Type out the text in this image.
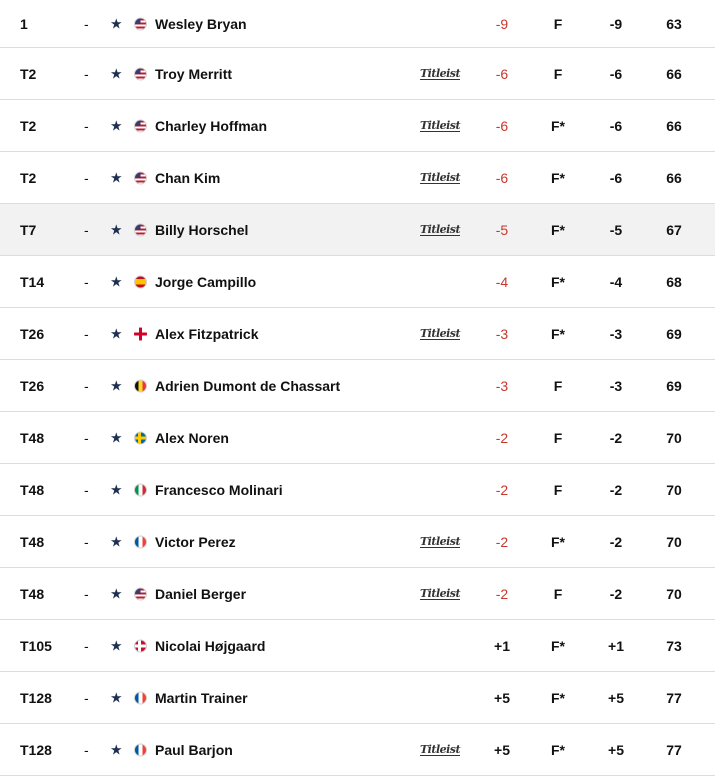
1	- ★ Wesley Bryan	-9	F	-9	63
T2	- ★ Troy Merritt	Titleist	-6	F	-6	66
T2	- ★ Charley Hoffman	Titleist	-6	F*	-6	66
T2	- ★ Chan Kim	Titleist	-6	F*	-6	66
T7	- ★ Billy Horschel	Titleist	-5	F*	-5	67
T14	- ★ Jorge Campillo	-4	F*	-4	68
T26	- ★ Alex Fitzpatrick	Titleist	-3	F*	-3	69
T26	- ★ Adrien Dumont de Chassart	-3	F	-3	69
T48	- ★ Alex Noren	-2	F	-2	70
T48	- ★ Francesco Molinari	-2	F	-2	70
T48	- ★ Victor Perez	Titleist	-2	F*	-2	70
T48	- ★ Daniel Berger	Titleist	-2	F	-2	70
T105 - ★ Nicolai Højgaard	+1	F*	+1	73
T128 - ★ Martin Trainer	+5	F*	+5	77
T128 - ★ Paul Barjon	Titleist	+5	F*	+5	77
